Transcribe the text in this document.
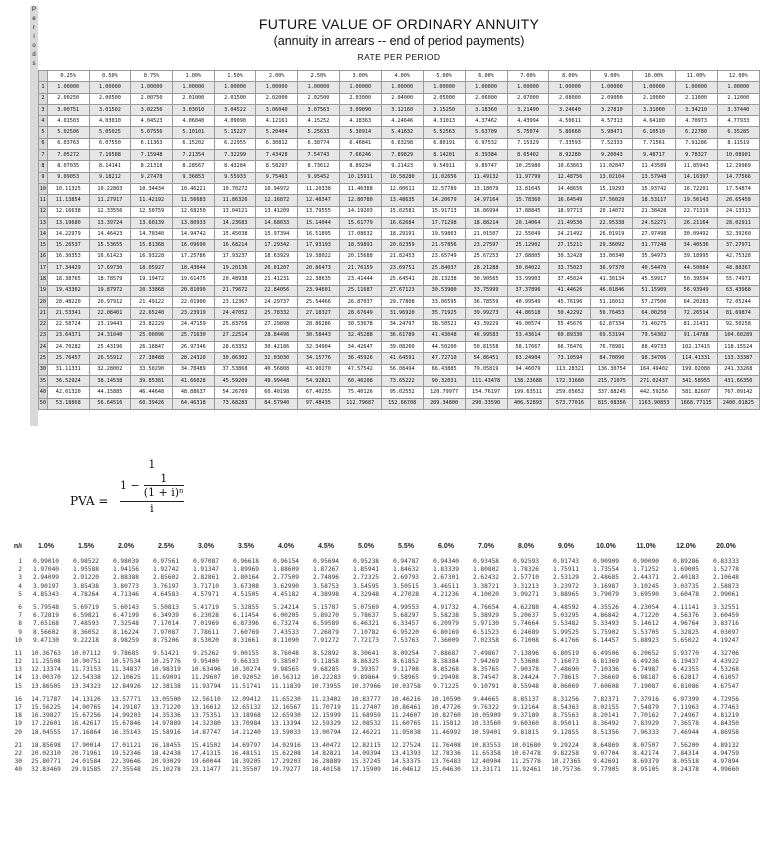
P
e
r
i
o
d
s
FUTURE VALUE OF ORDINARY ANNUITY
(annuity in arrears -- end of period payments)
RATE PER PERIOD
	0.25%	0.50%	0.75%	1.00%	1.50%	2.00%	2.50%	3.00%	4.00%	5.00%	6.00%	7.00%	8.00%	9.00%	10.00%	11.00%	12.00%
1	1.00000	1.00000	1.00000	1.00000	1.00000	1.00000	1.00000	1.00000	1.00000	1.00000	1.00000	1.00000	1.00000	1.00000	1.00000	1.00000	1.00000
2	2.00250	2.00500	2.00750	2.01000	2.01500	2.02000	2.02500	2.03000	2.04000	2.05000	2.06000	2.07000	2.08000	2.09000	2.10000	2.11000	2.12000
3	3.00751	3.01502	3.02256	3.03010	3.04522	3.06040	3.07563	3.09090	3.12160	3.15250	3.18360	3.21490	3.24640	3.27810	3.31000	3.34210	3.37440
4	4.01503	4.03010	4.04523	4.06040	4.09090	4.12161	4.15252	4.18363	4.24646	4.31013	4.37462	4.43994	4.50611	4.57313	4.64100	4.70973	4.77933
5	5.02506	5.05025	5.07556	5.10101	5.15227	5.20404	5.25633	5.30914	5.41632	5.52563	5.63709	5.75074	5.86660	5.98471	6.10510	6.22780	6.35285
6	6.03763	6.07550	6.11363	6.15202	6.22955	6.30812	6.38774	6.46841	6.63298	6.80191	6.97532	7.15329	7.33593	7.52333	7.71561	7.91286	8.11519
7	7.05272	7.10588	7.15948	7.21354	7.32299	7.43428	7.54743	7.66246	7.89829	8.14201	8.39384	8.65402	8.92280	9.20043	9.48717	9.78327	10.08901
8	8.07035	8.14141	8.21318	8.28567	8.43284	8.58297	8.73612	8.89234	9.21423	9.54911	9.89747	10.25980	10.63663	11.02847	11.43589	11.85943	12.29969
9	9.09053	9.18212	9.27478	9.36853	9.55933	9.75463	9.95452	10.15911	10.58280	11.02656	11.49132	11.97799	12.48756	13.02104	13.57948	14.16397	14.77566
10	10.11325	10.22803	10.34434	10.46221	10.70272	10.94972	11.20338	11.46388	12.00611	12.57789	13.18079	13.81645	14.48656	15.19293	15.93742	16.72201	17.54874
11	11.13854	11.27917	11.42192	11.56683	11.86326	12.16872	12.48347	12.80780	13.48635	14.20679	14.97164	15.78360	16.64549	17.56029	18.53117	19.56143	20.65458
12	12.16638	12.33556	12.50759	12.68250	13.04121	13.41209	13.79555	14.19203	15.02581	15.91713	16.86994	17.88845	18.97713	20.14072	21.38428	22.71319	24.13313
13	13.19680	13.39724	13.60139	13.80933	14.23683	14.68033	15.14044	15.61779	16.62684	17.71298	18.88214	20.14064	21.49530	22.95338	24.52271	26.21164	28.02911
14	14.22979	14.46423	14.70340	14.94742	15.45038	15.97394	16.51895	17.08632	18.29191	19.59863	21.01507	22.55049	24.21492	26.01919	27.97498	30.09492	32.39260
15	15.26537	15.53655	15.81368	16.09690	16.68214	17.29342	17.93193	18.59891	20.02359	21.57856	23.27597	25.12902	27.15211	29.36092	31.77248	34.40536	37.27971
16	16.30353	16.61423	16.93228	17.25786	17.93237	18.63929	19.38022	20.15688	21.82453	23.65749	25.67253	27.88805	30.32428	33.00340	35.94973	39.18995	42.75328
17	17.34429	17.69730	18.05927	18.43044	19.20136	20.01207	20.86473	21.76159	23.69751	25.84037	28.21288	30.84022	33.75023	36.97370	40.54470	44.50084	48.88367
18	18.38765	18.78579	19.19472	19.61475	20.48938	21.41231	22.38635	23.41444	25.64541	28.13238	30.90565	33.99903	37.45024	41.30134	45.59917	50.39594	55.74971
19	19.43362	19.87972	20.33868	20.81090	21.79672	22.84056	23.94601	25.11687	27.67123	30.53900	33.75999	37.37896	41.44626	46.01846	51.15909	56.93949	63.43968
20	20.48220	20.97912	21.49122	22.01900	23.12367	24.29737	25.54466	26.87037	29.77808	33.06595	36.78559	40.99549	45.76196	51.16012	57.27500	64.20283	72.05244
21	21.53341	22.08401	22.65240	23.23919	24.47052	25.78332	27.18327	28.67649	31.96920	35.71925	39.99273	44.86518	50.42292	56.76453	64.00250	72.26514	81.69874
22	22.58724	23.19443	23.82229	24.47159	25.83758	27.29898	28.86286	30.53678	34.24797	38.50521	43.39229	49.00574	55.45676	62.87334	71.40275	81.21431	92.50258
23	23.64371	24.31040	25.00096	25.71630	27.22514	28.84496	30.58443	32.45288	36.61789	41.43048	46.99583	53.43614	60.89330	69.53194	79.54302	91.14788	104.60289
24	24.70282	25.43196	26.18847	26.97346	28.63352	30.42186	32.34904	34.42647	39.08260	44.50200	50.81558	58.17667	66.76476	76.78981	88.49733	102.17415	118.15524
25	25.76457	26.55912	27.38488	28.24320	30.06302	32.03030	34.15776	36.45926	41.64591	47.72710	54.86451	63.24904	73.10594	84.70090	98.34706	114.41331	133.33387
30	31.11331	32.28002	33.50290	34.78489	37.53868	40.56808	43.90270	47.57542	56.08494	66.43885	79.05819	94.46079	113.28321	136.30754	164.49402	199.02088	241.33268
35	36.52924	38.14538	39.85381	41.66028	45.59209	49.99448	54.92821	60.46208	73.65222	90.32031	111.43478	138.23688	172.31680	215.71075	271.02437	341.58955	431.66350
40	42.01320	44.15885	46.44648	48.88637	54.26789	60.40198	67.40255	75.40126	95.02552	120.79977	154.76197	199.63511	259.05652	337.88245	442.59256	581.82607	767.09142
50	53.18868	56.64516	60.39426	64.46318	73.68283	84.57940	97.48435	112.79687	152.66708	209.34800	290.33590	406.52893	573.77016	815.08356	1163.90853	1668.77115	2400.01825
PVA =
1
$1 - \frac{1}{\text{(1 + i)ⁿ}}$
i
n/i	1.0%	1.5%	2.0%	2.5%	3.0%	3.5%	4.0%	4.5%	5.0%	5.5%	6.0%	7.0%	8.0%	9.0%	10.0%	11.0%	12.0%	20.0%
1	0.99010	0.98522	0.98039	0.97561	0.97087	0.96618	0.96154	0.95694	0.95238	0.94787	0.94340	0.93458	0.92593	0.91743	0.90909	0.90090	0.89286	0.83333
2	1.97040	1.95588	1.94156	1.92742	1.91347	1.89969	1.88609	1.87267	1.85941	1.84632	1.83339	1.80802	1.78326	1.75911	1.73554	1.71252	1.69005	1.52778
3	2.94099	2.91220	2.88388	2.85602	2.82861	2.80164	2.77509	2.74896	2.72325	2.69793	2.67301	2.62432	2.57710	2.53129	2.48685	2.44371	2.40183	2.10648
4	3.90197	3.85438	3.80773	3.76197	3.71710	3.67308	3.62990	3.58753	3.54595	3.50515	3.46511	3.38721	3.31213	3.23972	3.16987	3.10245	3.03735	2.58873
5	4.85343	4.78264	4.71346	4.64583	4.57971	4.51505	4.45182	4.38998	4.32948	4.27028	4.21236	4.10020	3.99271	3.88965	3.79079	3.69590	3.60478	2.99061
6	5.79548	5.69719	5.60143	5.50813	5.41719	5.32855	5.24214	5.15787	5.07569	4.99553	4.91732	4.76654	4.62288	4.48592	4.35526	4.23054	4.11141	3.32551
7	6.72819	6.59821	6.47199	6.34939	6.23028	6.11454	6.00205	5.89270	5.78637	5.68297	5.58238	5.38929	5.20637	5.03295	4.86842	4.71220	4.56376	3.60459
8	7.65168	7.48593	7.32548	7.17014	7.01969	6.87396	6.73274	6.59589	6.46321	6.33457	6.20979	5.97130	5.74664	5.53482	5.33493	5.14612	4.96764	3.83716
9	8.56602	8.36052	8.16224	7.97087	7.78611	7.60769	7.43533	7.26879	7.10782	6.95220	6.80169	6.51523	6.24689	5.99525	5.75902	5.53705	5.32825	4.03097
10	9.47130	9.22218	8.98259	8.75206	8.53020	8.31661	8.11090	7.91272	7.72173	7.53763	7.36009	7.02358	6.71008	6.41766	6.14457	5.88923	5.65022	4.19247
11	10.36763	10.07112	9.78685	9.51421	9.25262	9.00155	8.76048	8.52892	8.30641	8.09254	7.88687	7.49867	7.13896	6.80519	6.49506	6.20652	5.93770	4.32706
12	11.25508	10.90751	10.57534	10.25776	9.95400	9.66333	9.38507	9.11858	8.86325	8.61852	8.38384	7.94269	7.53608	7.16073	6.81369	6.49236	6.19437	4.43922
13	12.13374	11.73153	11.34837	10.98319	10.63496	10.30274	9.98565	9.68285	9.39357	9.11708	8.85268	8.35765	7.90378	7.48690	7.10336	6.74987	6.42355	4.53268
14	13.00370	12.54338	12.10625	11.69091	11.29607	10.92052	10.56312	10.22283	9.89864	9.58965	9.29498	8.74547	8.24424	7.78615	7.36669	6.98187	6.62817	4.61057
15	13.86505	13.34323	12.84926	12.38138	11.93794	11.51741	11.11839	10.73955	10.37966	10.03758	9.71225	9.10791	8.55948	8.06069	7.60608	7.19087	6.81086	4.67547
16	14.71787	14.13126	13.57771	13.05500	12.56110	12.09412	11.65230	11.23402	10.83777	10.46216	10.10590	9.44665	8.85137	8.31256	7.82371	7.37916	6.97399	4.72956
17	15.56225	14.90765	14.29187	13.71220	13.16612	12.65132	12.16567	11.70719	11.27407	10.86461	10.47726	9.76322	9.12164	8.54363	8.02155	7.54879	7.11963	4.77463
18	16.39827	15.67256	14.99203	14.35336	13.75351	13.18968	12.65930	12.15999	11.68959	11.24607	10.82760	10.05909	9.37189	8.75563	8.20141	7.70162	7.24967	4.81219
19	17.22601	16.42617	15.67846	14.97889	14.32380	13.70984	13.13394	12.59329	12.08532	11.60765	11.15812	10.33560	9.60360	8.95011	8.36492	7.83929	7.36578	4.84350
20	18.04555	17.16864	16.35143	15.58916	14.87747	14.21240	13.59033	13.00794	12.46221	11.95038	11.46992	10.59401	9.81815	9.12855	8.51356	7.96333	7.46944	4.86958
21	18.85698	17.90014	17.01121	16.18455	15.41502	14.69797	14.02916	13.40472	12.82115	12.27524	11.76408	10.83553	10.01680	9.29224	8.64869	8.07507	7.56200	4.89132
22	20.02310	20.71961	19.52346	18.42438	17.41315	16.48151	15.62208	14.82821	14.09394	13.41393	12.78336	11.65358	10.67478	9.82258	9.07704	8.42174	7.84314	4.94759
30	25.80771	24.01584	22.39646	20.93029	19.60044	18.39205	17.29203	16.28889	15.37245	14.53375	13.76483	12.40904	11.25778	10.27365	9.42691	8.69379	8.05518	4.97894
40	32.83469	29.91585	27.35548	25.10278	23.11477	21.35507	19.79277	18.40158	17.15909	16.04612	15.04630	13.33171	11.92461	10.75736	9.77905	8.95105	8.24378	4.99660
